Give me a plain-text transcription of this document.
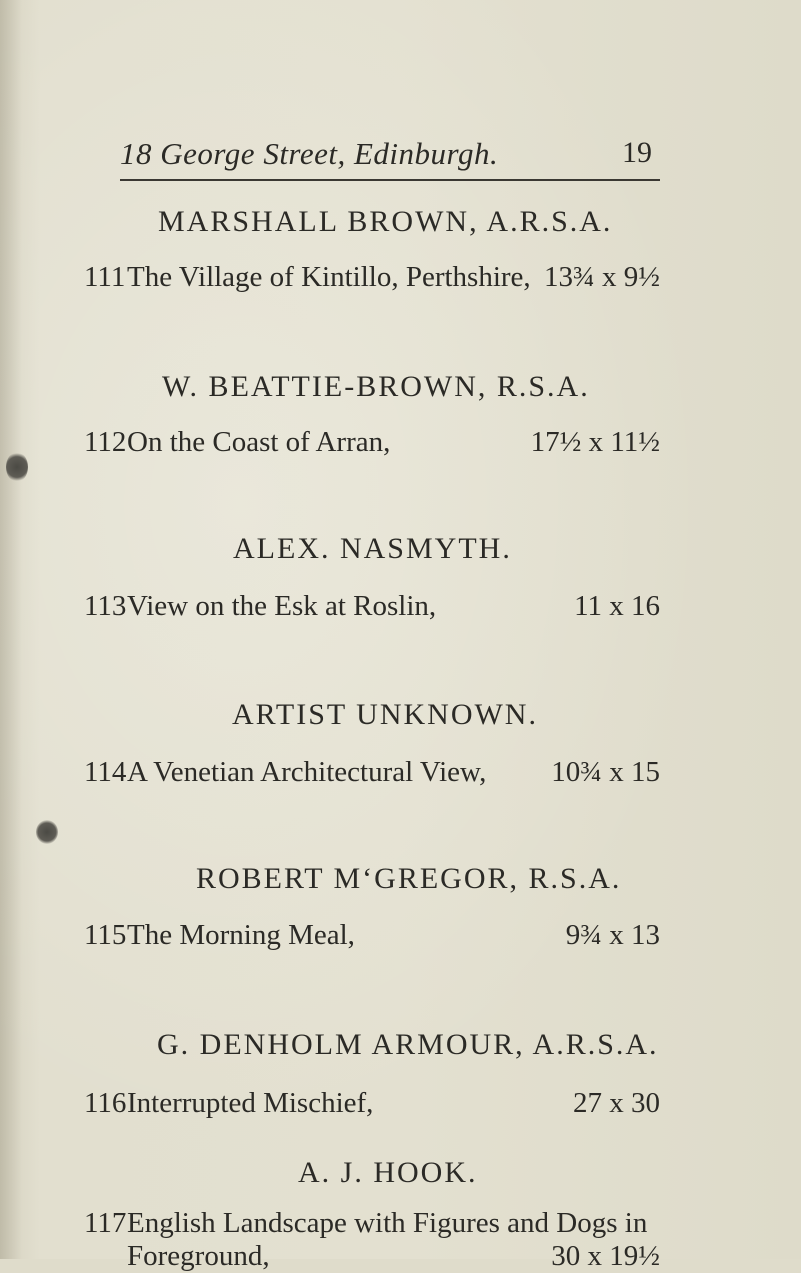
18 George Street, Edinburgh.	19
MARSHALL BROWN, A.R.S.A.
111 The Village of Kintillo, Perthshire, 13¾ x 9½
W. BEATTIE-BROWN, R.S.A.
112 On the Coast of Arran,	17½ x 11½
ALEX. NASMYTH.
113 View on the Esk at Roslin,	11 x 16
ARTIST UNKNOWN.
114 A Venetian Architectural View, 10¾ x 15
ROBERT M‘GREGOR, R.S.A.
115 The Morning Meal,	9¾ x 13
G. DENHOLM ARMOUR, A.R.S.A.
116 Interrupted Mischief,	27 x 30
A. J. HOOK.
117 English Landscape with Figures and Dogs in
Foreground,	30 x 19½
